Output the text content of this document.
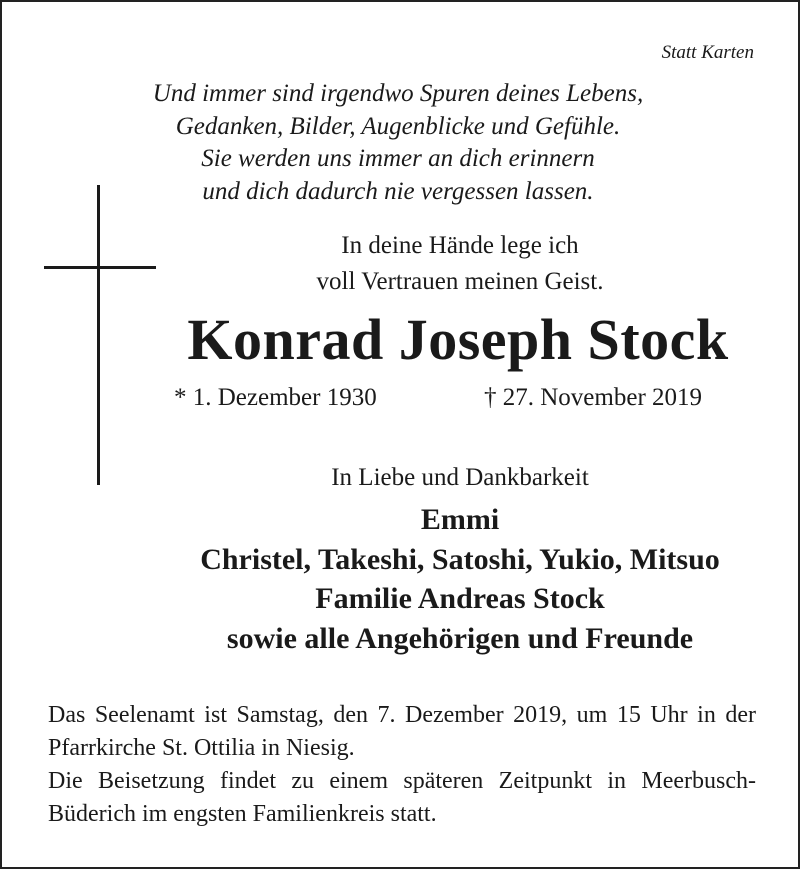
Statt Karten
Und immer sind irgendwo Spuren deines Lebens,
Gedanken, Bilder, Augenblicke und Gefühle.
Sie werden uns immer an dich erinnern
und dich dadurch nie vergessen lassen.
In deine Hände lege ich
voll Vertrauen meinen Geist.
Konrad Joseph Stock
* 1. Dezember 1930	† 27. November 2019
In Liebe und Dankbarkeit
Emmi
Christel, Takeshi, Satoshi, Yukio, Mitsuo
Familie Andreas Stock
sowie alle Angehörigen und Freunde

Das Seelenamt ist Samstag, den 7. Dezember 2019, um 15 Uhr in der Pfarrkirche St. Ottilia in Niesig.

Die Beisetzung findet zu einem späteren Zeitpunkt in Meerbusch-Büderich im engsten Familienkreis statt.
